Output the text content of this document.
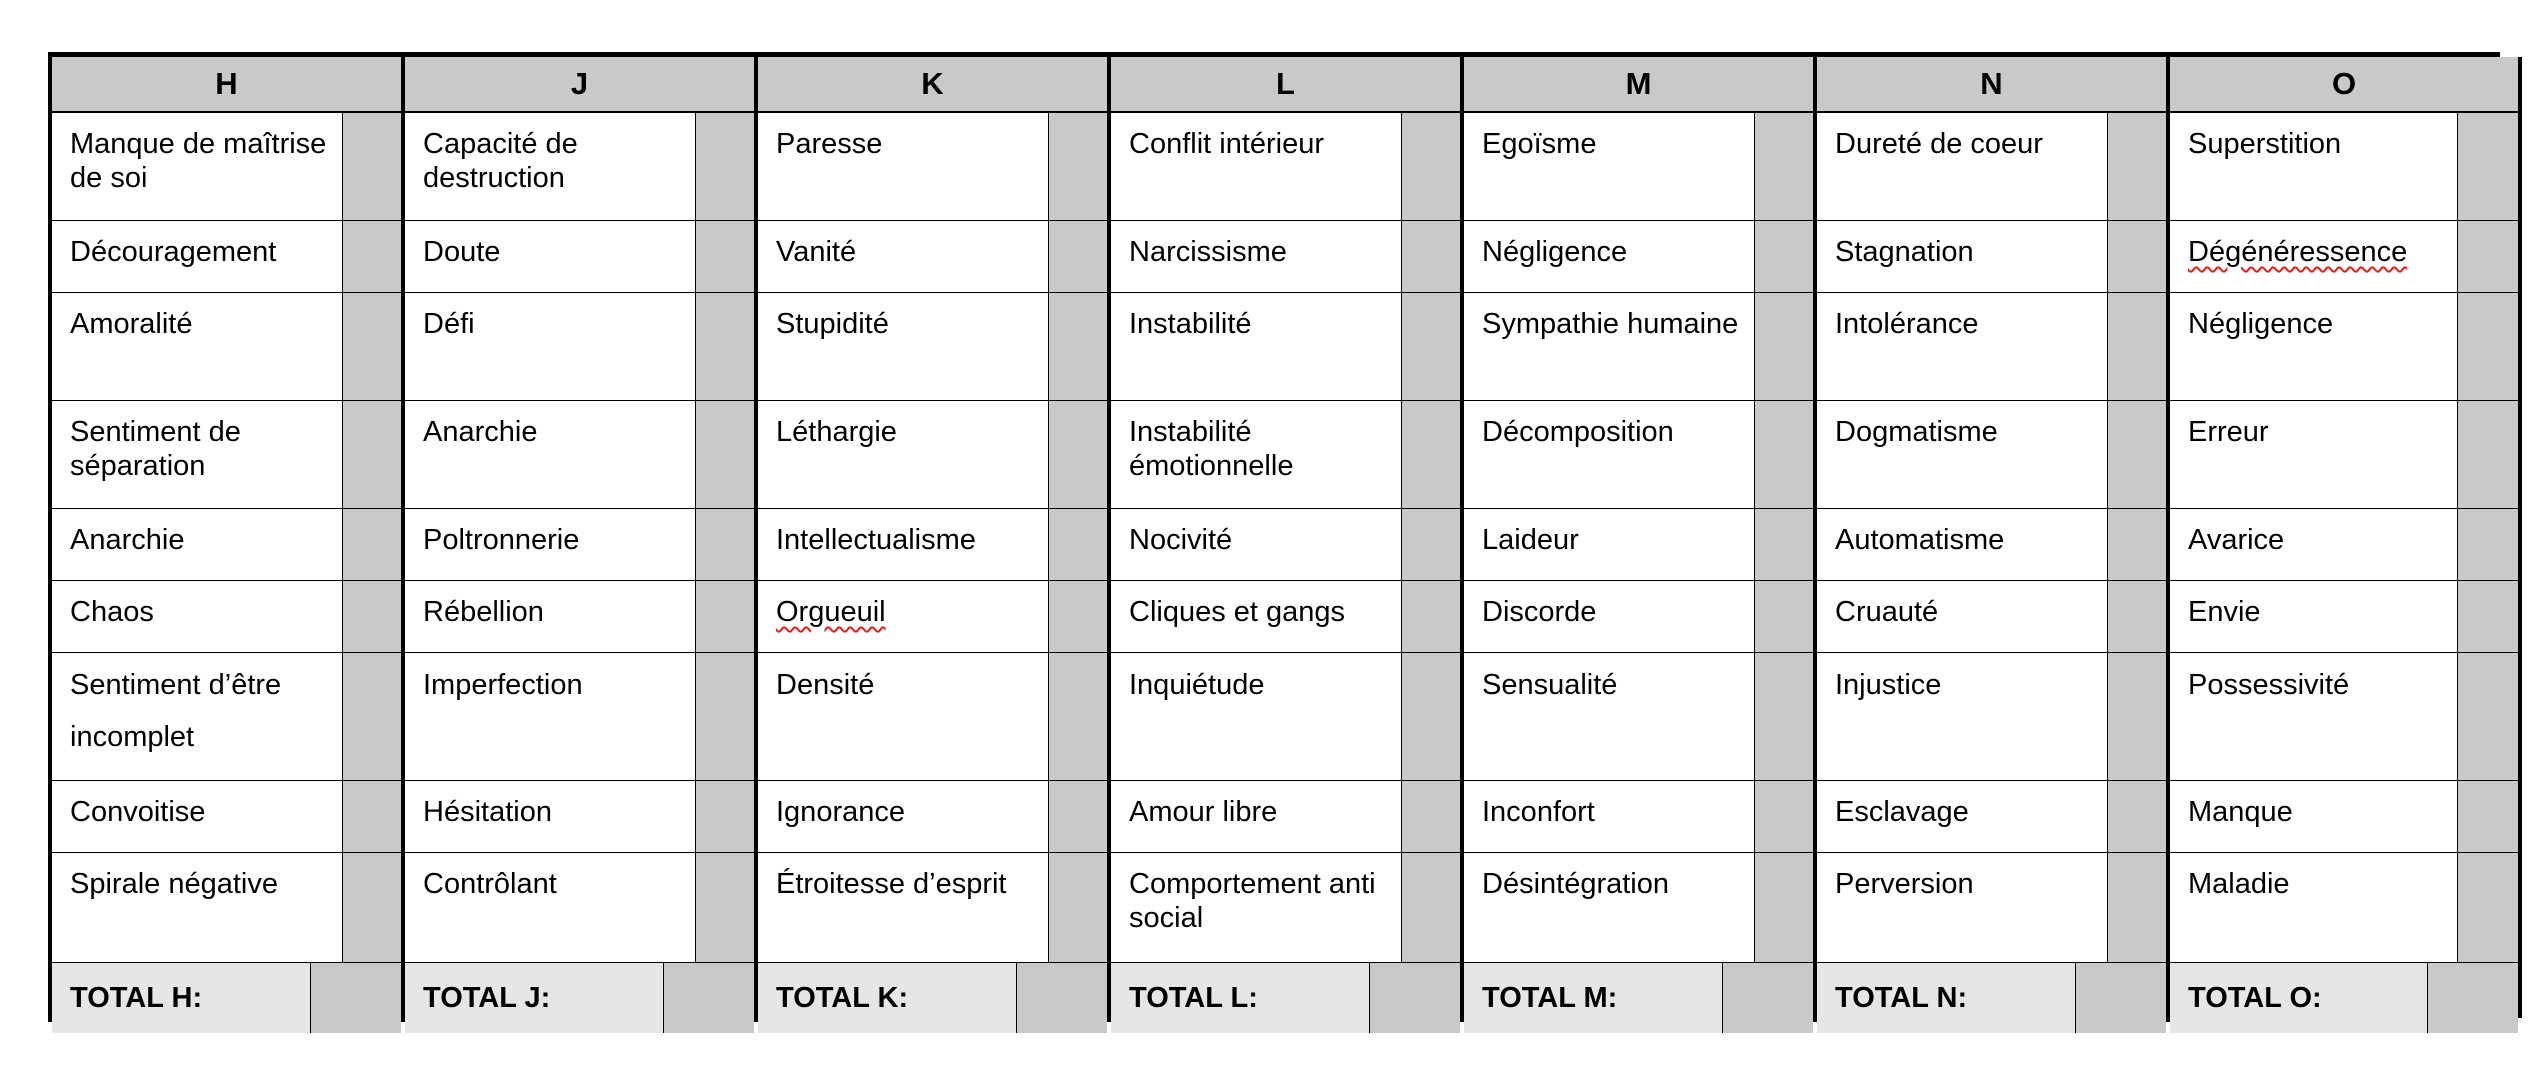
H
Manque de maîtrise de soi
Découragement
Amoralité
Sentiment de séparation
Anarchie
Chaos
Sentiment d’être incomplet
Convoitise
Spirale négative
TOTAL H:
J
Capacité de destruction
Doute
Défi
Anarchie
Poltronnerie
Rébellion
Imperfection
Hésitation
Contrôlant
TOTAL J:
K
Paresse
Vanité
Stupidité
Léthargie
Intellectualisme
Orgueuil
Densité
Ignorance
Étroitesse d’esprit
TOTAL K:
L
Conflit intérieur
Narcissisme
Instabilité
Instabilité émotionnelle
Nocivité
Cliques et gangs
Inquiétude
Amour libre
Comportement anti social
TOTAL L:
M
Egoïsme
Négligence
Sympathie humaine
Décomposition
Laideur
Discorde
Sensualité
Inconfort
Désintégration
TOTAL M:
N
Dureté de coeur
Stagnation
Intolérance
Dogmatisme
Automatisme
Cruauté
Injustice
Esclavage
Perversion
TOTAL N:
O
Superstition
Dégénéressence
Négligence
Erreur
Avarice
Envie
Possessivité
Manque
Maladie
TOTAL O:
